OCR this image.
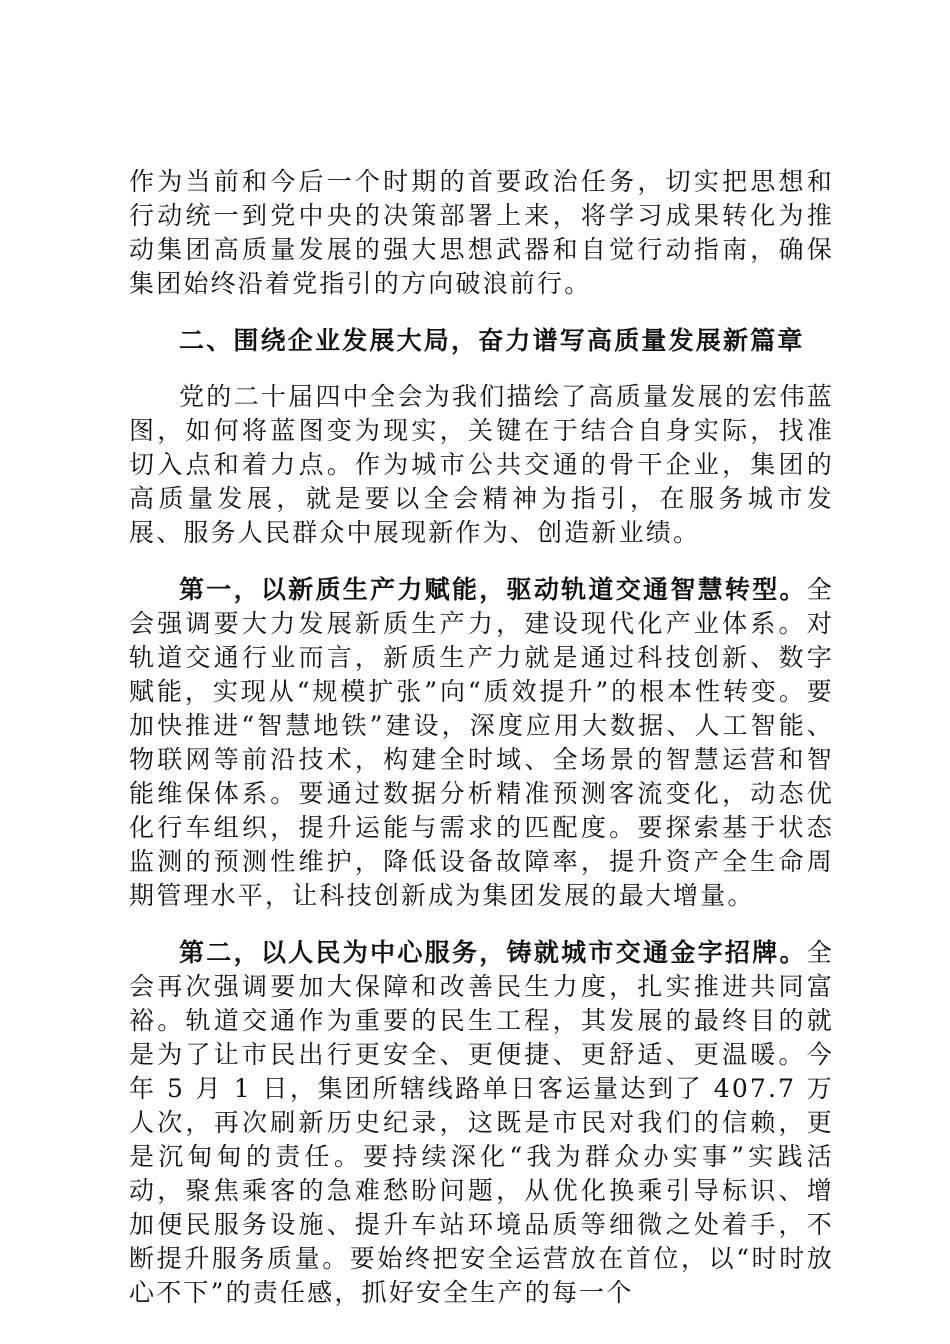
作为当前和今后一个时期的首要政治任务，切实把思想和行动统一到党中央的决策部署上来，将学习成果转化为推动集团高质量发展的强大思想武器和自觉行动指南，确保集团始终沿着党指引的方向破浪前行。

二、围绕企业发展大局，奋力谱写高质量发展新篇章

党的二十届四中全会为我们描绘了高质量发展的宏伟蓝图，如何将蓝图变为现实，关键在于结合自身实际，找准切入点和着力点。作为城市公共交通的骨干企业，集团的高质量发展，就是要以全会精神为指引，在服务城市发展、服务人民群众中展现新作为、创造新业绩。

第一，以新质生产力赋能，驱动轨道交通智慧转型。全会强调要大力发展新质生产力，建设现代化产业体系。对轨道交通行业而言，新质生产力就是通过科技创新、数字赋能，实现从“规模扩张”向“质效提升”的根本性转变。要加快推进“智慧地铁”建设，深度应用大数据、人工智能、物联网等前沿技术，构建全时域、全场景的智慧运营和智能维保体系。要通过数据分析精准预测客流变化，动态优化行车组织，提升运能与需求的匹配度。要探索基于状态监测的预测性维护，降低设备故障率，提升资产全生命周期管理水平，让科技创新成为集团发展的最大增量。

第二，以人民为中心服务，铸就城市交通金字招牌。全会再次强调要加大保障和改善民生力度，扎实推进共同富裕。轨道交通作为重要的民生工程，其发展的最终目的就是为了让市民出行更安全、更便捷、更舒适、更温暖。今年 5 月 1 日，集团所辖线路单日客运量达到了 407.7 万人次，再次刷新历史纪录，这既是市民对我们的信赖，更是沉甸甸的责任。要持续深化“我为群众办实事”实践活动，聚焦乘客的急难愁盼问题，从优化换乘引导标识、增加便民服务设施、提升车站环境品质等细微之处着手，不断提升服务质量。要始终把安全运营放在首位，以“时时放心不下”的责任感，抓好安全生产的每一个
